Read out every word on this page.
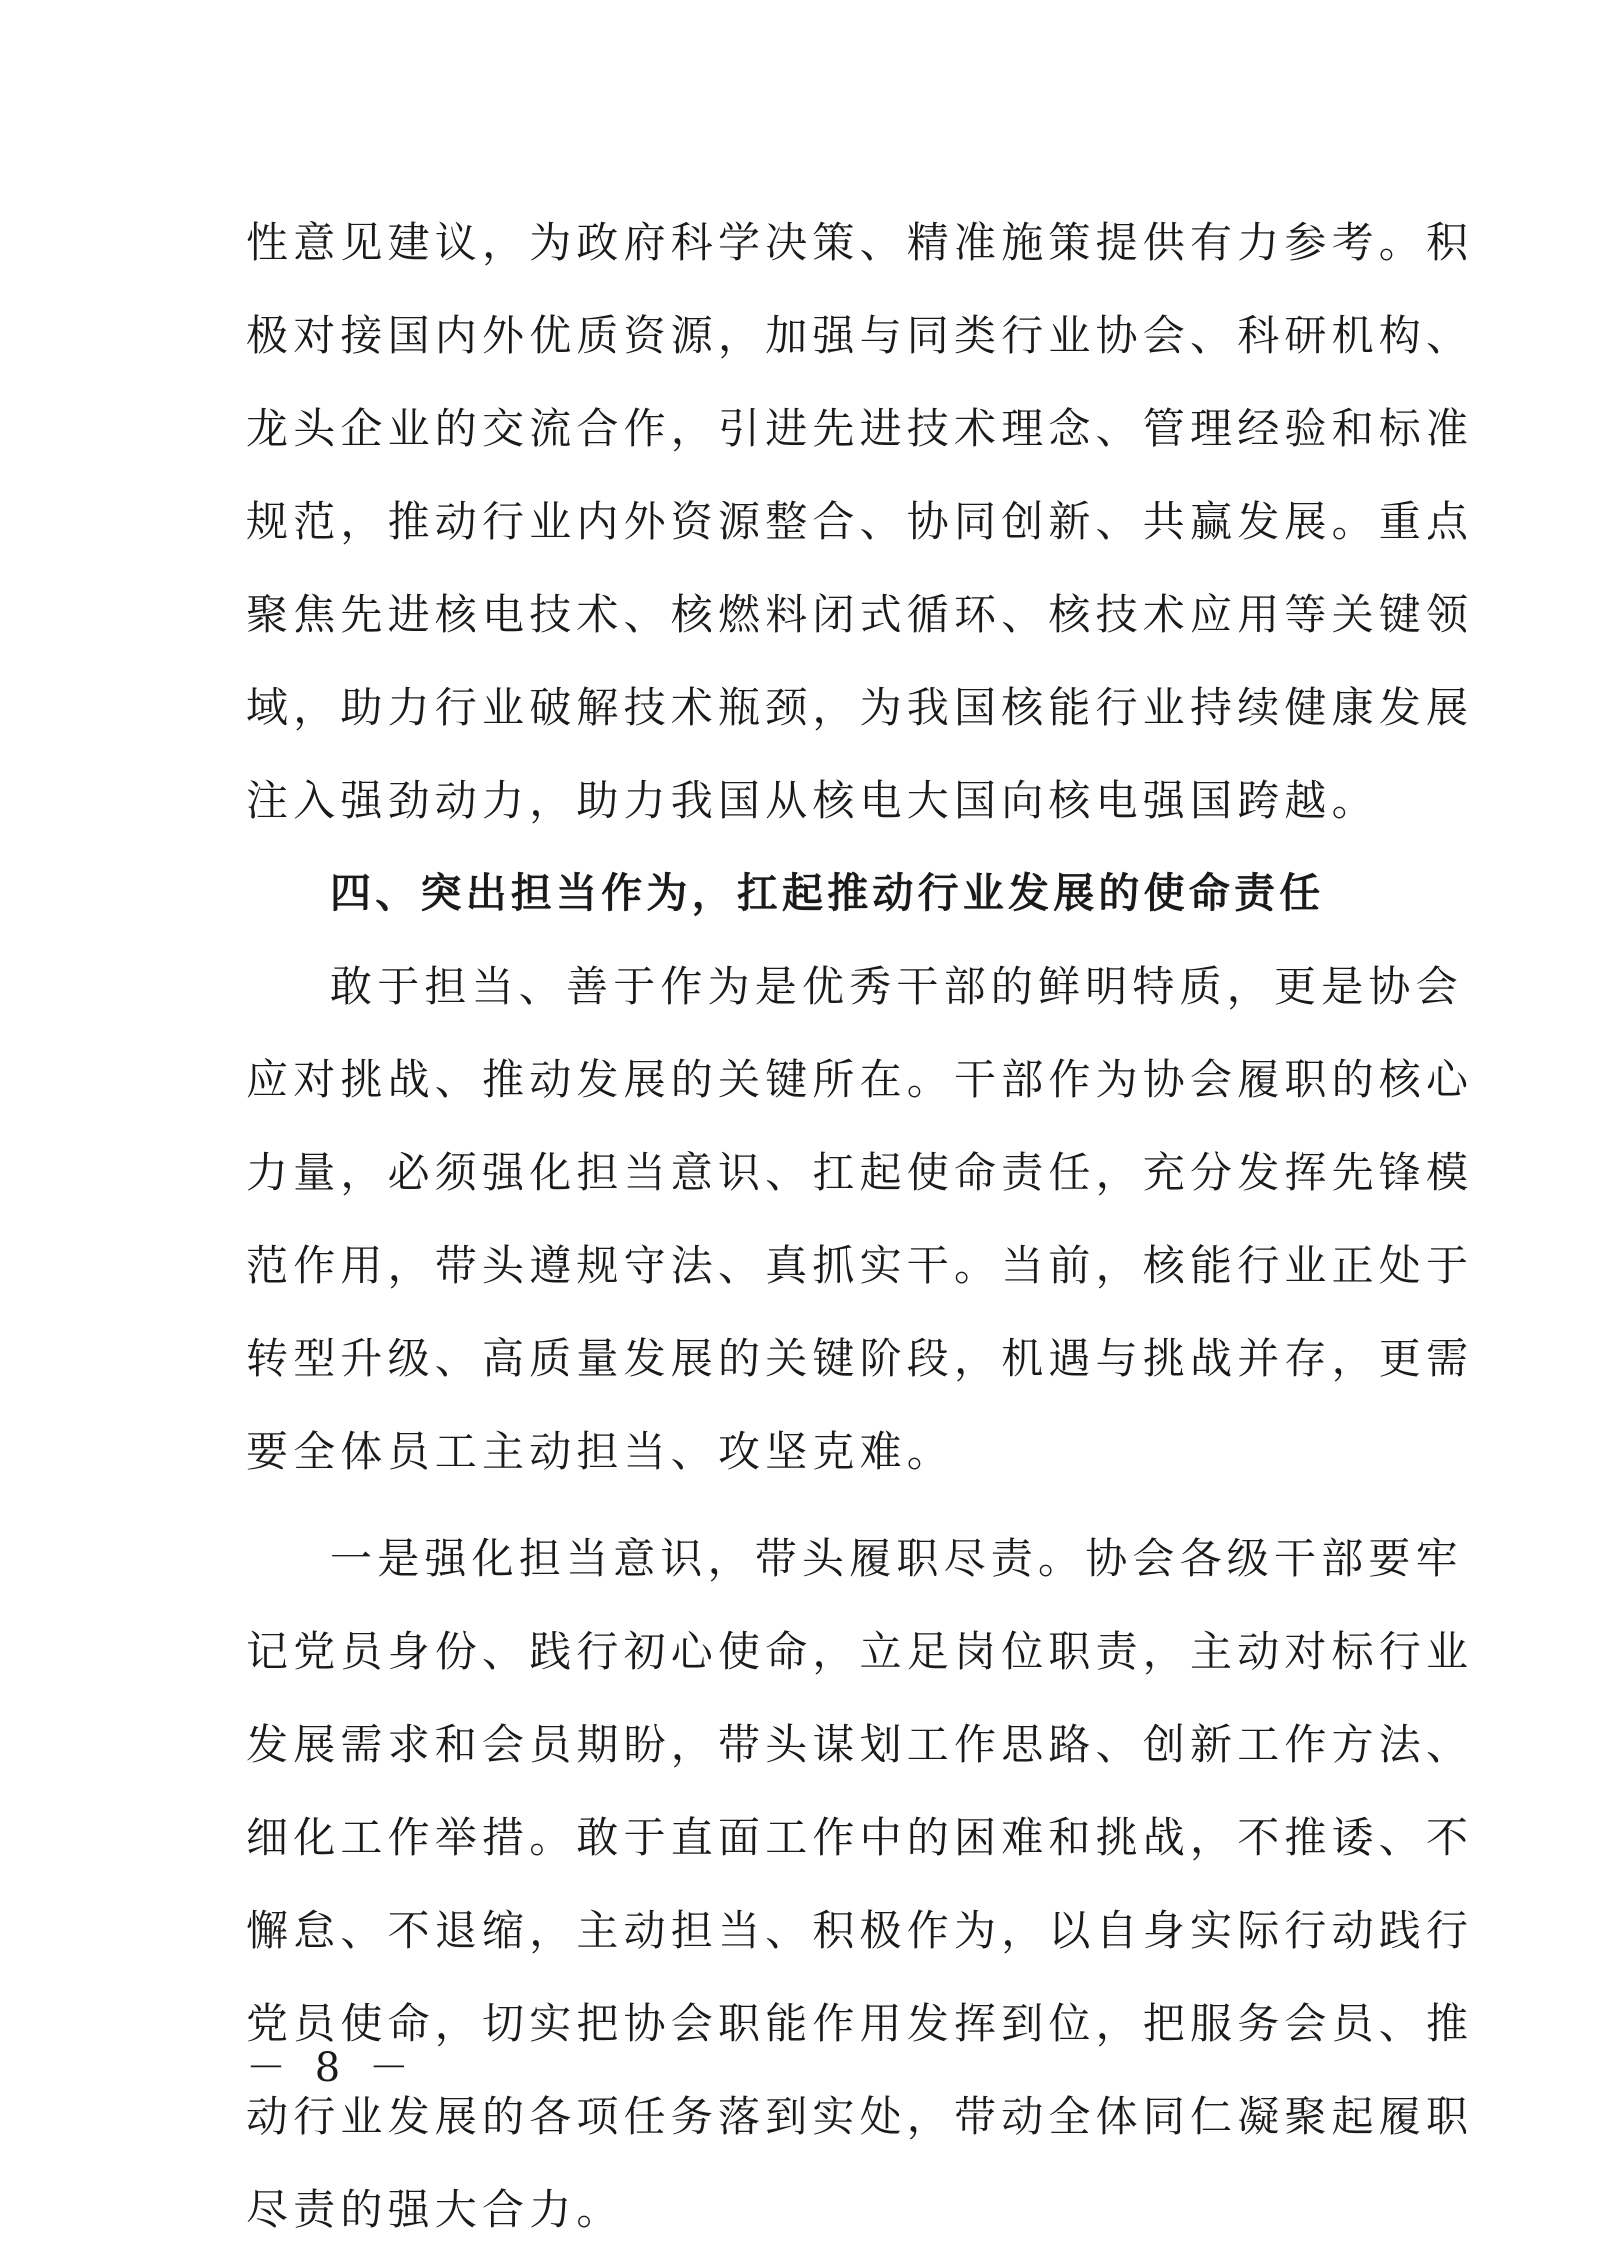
性意见建议，为政府科学决策、精准施策提供有力参考。积
极对接国内外优质资源，加强与同类行业协会、科研机构、
龙头企业的交流合作，引进先进技术理念、管理经验和标准
规范，推动行业内外资源整合、协同创新、共赢发展。重点
聚焦先进核电技术、核燃料闭式循环、核技术应用等关键领
域，助力行业破解技术瓶颈，为我国核能行业持续健康发展
注入强劲动力，助力我国从核电大国向核电强国跨越。
四、突出担当作为，扛起推动行业发展的使命责任
敢于担当、善于作为是优秀干部的鲜明特质，更是协会
应对挑战、推动发展的关键所在。干部作为协会履职的核心
力量，必须强化担当意识、扛起使命责任，充分发挥先锋模
范作用，带头遵规守法、真抓实干。当前，核能行业正处于
转型升级、高质量发展的关键阶段，机遇与挑战并存，更需
要全体员工主动担当、攻坚克难。
一是强化担当意识，带头履职尽责。协会各级干部要牢
记党员身份、践行初心使命，立足岗位职责，主动对标行业
发展需求和会员期盼，带头谋划工作思路、创新工作方法、
细化工作举措。敢于直面工作中的困难和挑战，不推诿、不
懈怠、不退缩，主动担当、积极作为，以自身实际行动践行
党员使命，切实把协会职能作用发挥到位，把服务会员、推
动行业发展的各项任务落到实处，带动全体同仁凝聚起履职
尽责的强大合力。
－ 8 －
